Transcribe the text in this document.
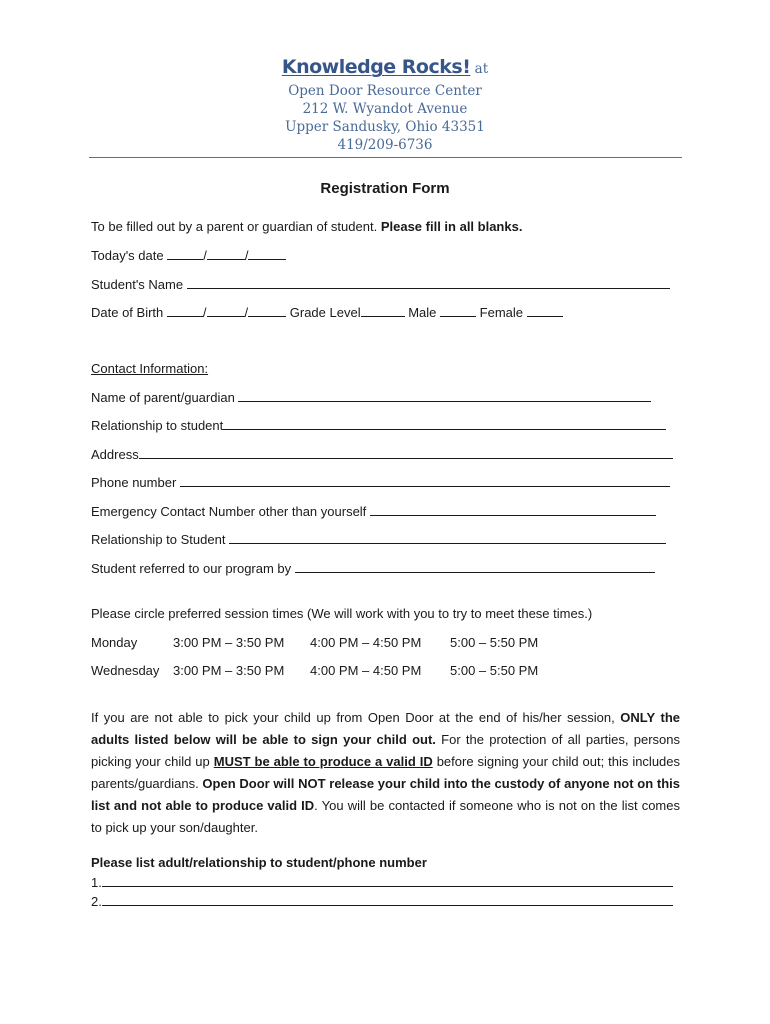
Knowledge Rocks! at
Open Door Resource Center
212 W. Wyandot Avenue
Upper Sandusky, Ohio 43351
419/209-6736
Registration Form
To be filled out by a parent or guardian of student. Please fill in all blanks.
Today's date	/	/
Student's Name
Date of Birth	/	/	Grade Level	Male	Female
Contact Information:
Name of parent/guardian
Relationship to student
Address
Phone number
Emergency Contact Number other than yourself
Relationship to Student
Student referred to our program by
Please circle preferred session times (We will work with you to try to meet these times.)
Monday	3:00 PM – 3:50 PM 4:00 PM – 4:50 PM 5:00 – 5:50 PM
Wednesday 3:00 PM – 3:50 PM 4:00 PM – 4:50 PM 5:00 – 5:50 PM
If you are not able to pick your child up from Open Door at the end of his/her session, ONLY the adults listed below will be able to sign your child out. For the protection of all parties, persons picking your child up MUST be able to produce a valid ID before signing your child out; this includes parents/guardians. Open Door will NOT release your child into the custody of anyone not on this list and not able to produce valid ID. You will be contacted if someone who is not on the list comes to pick up your son/daughter.
Please list adult/relationship to student/phone number
1.
2.
